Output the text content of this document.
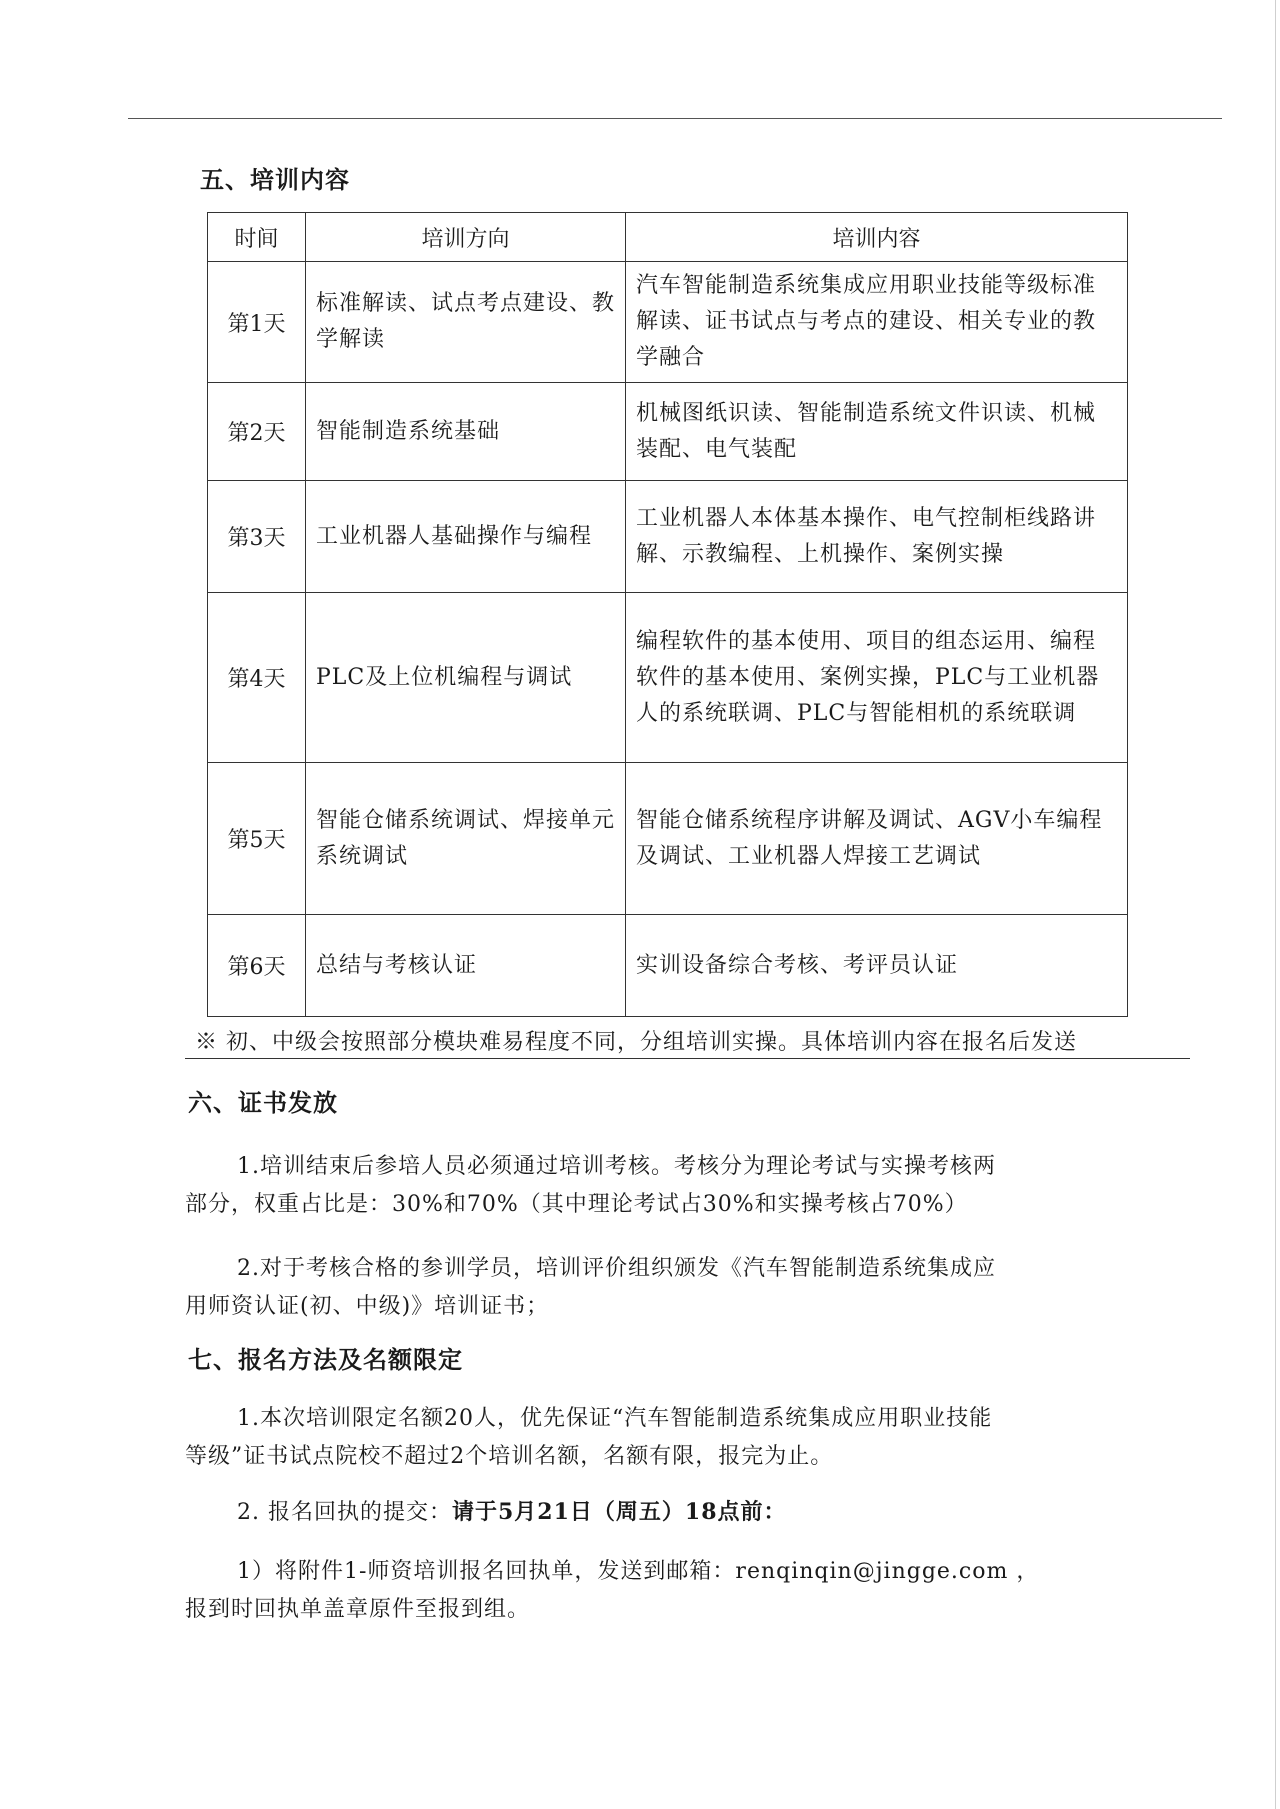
五、培训内容
时间	培训方向	培训内容
第1天	标准解读、试点考点建设、教学解读	汽车智能制造系统集成应用职业技能等级标准解读、证书试点与考点的建设、相关专业的教学融合
第2天	智能制造系统基础	机械图纸识读、智能制造系统文件识读、机械装配、电气装配
第3天	工业机器人基础操作与编程	工业机器人本体基本操作、电气控制柜线路讲解、示教编程、上机操作、案例实操
第4天	PLC及上位机编程与调试	编程软件的基本使用、项目的组态运用、编程软件的基本使用、案例实操，PLC与工业机器人的系统联调、PLC与智能相机的系统联调
第5天	智能仓储系统调试、焊接单元系统调试	智能仓储系统程序讲解及调试、AGV小车编程及调试、工业机器人焊接工艺调试
第6天	总结与考核认证	实训设备综合考核、考评员认证
※ 初、中级会按照部分模块难易程度不同，分组培训实操。具体培训内容在报名后发送
六、证书发放
1.培训结束后参培人员必须通过培训考核。考核分为理论考试与实操考核两
部分，权重占比是：30%和70%（其中理论考试占30%和实操考核占70%）
2.对于考核合格的参训学员，培训评价组织颁发《汽车智能制造系统集成应
用师资认证(初、中级)》培训证书；
七、报名方法及名额限定
1.本次培训限定名额20人，优先保证“汽车智能制造系统集成应用职业技能
等级”证书试点院校不超过2个培训名额，名额有限，报完为止。
2. 报名回执的提交：请于5月21日（周五）18点前：
1）将附件1-师资培训报名回执单，发送到邮箱：renqinqin@jingge.com ，
报到时回执单盖章原件至报到组。
